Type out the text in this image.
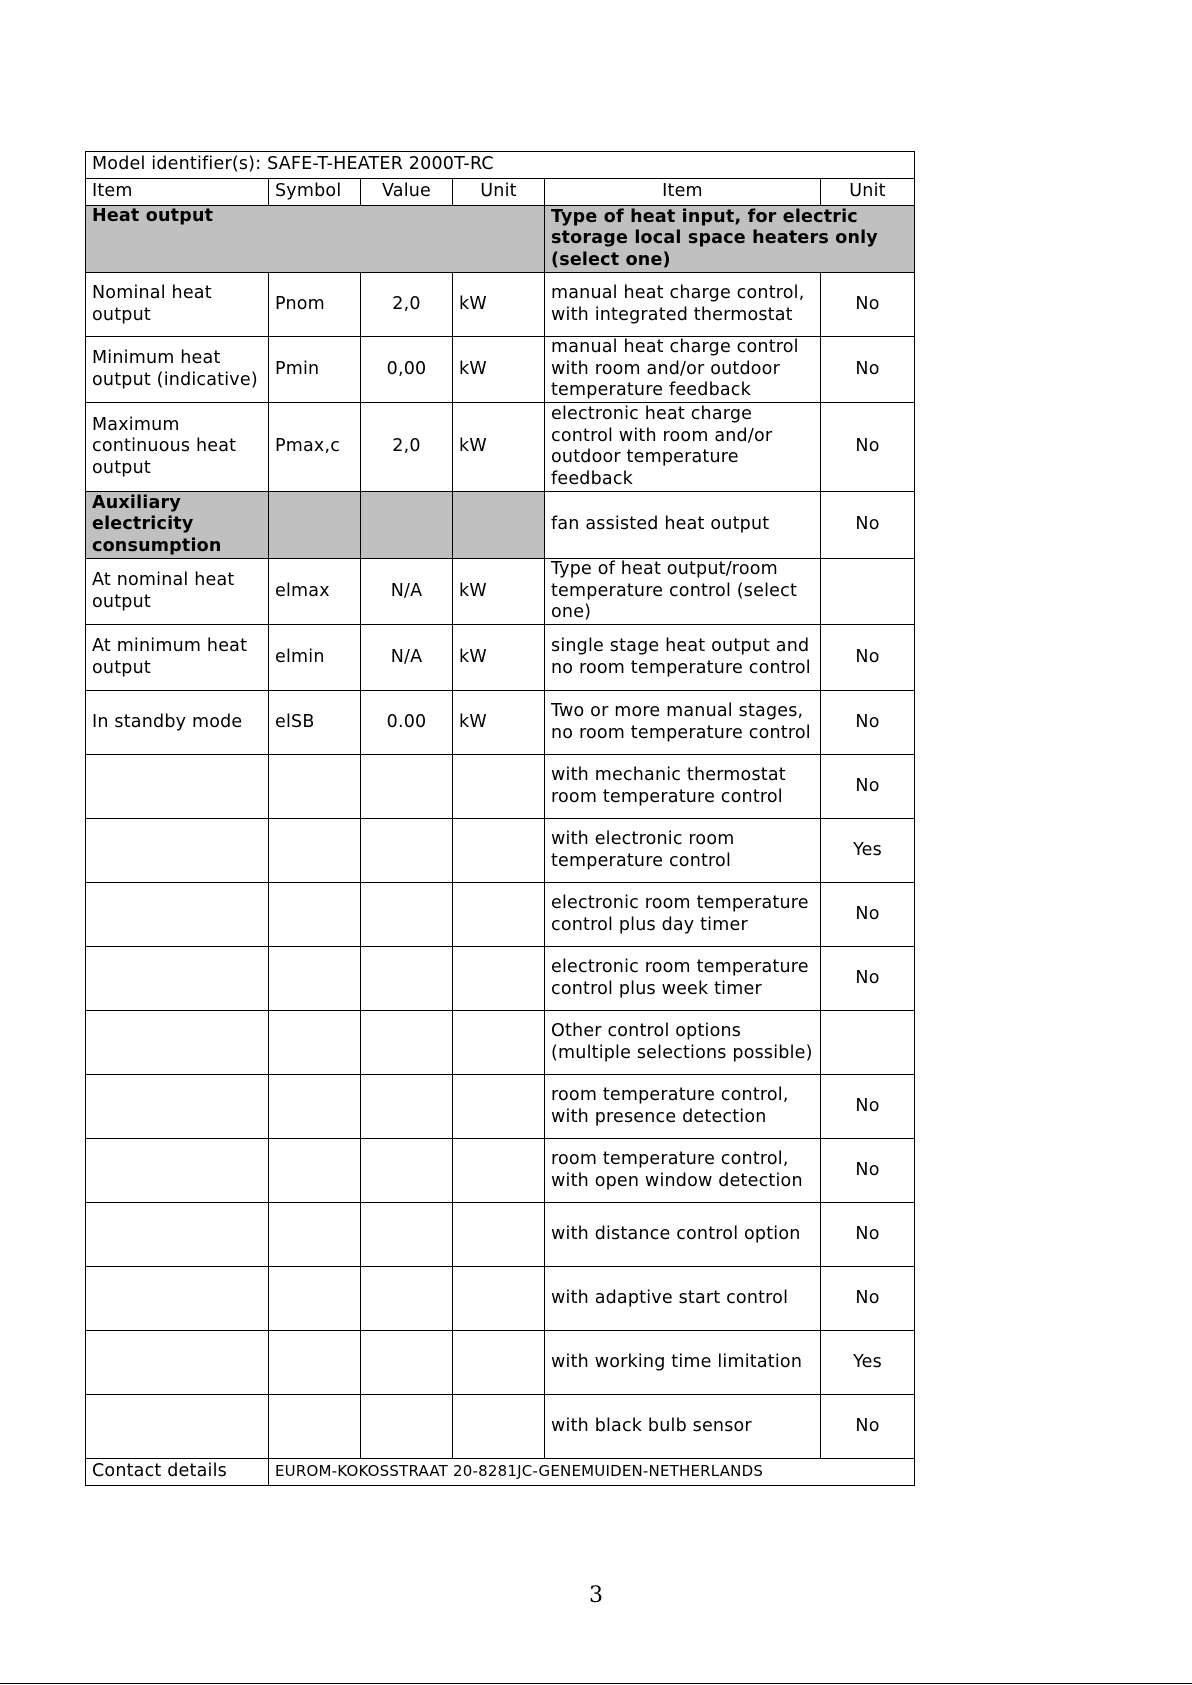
Model identifier(s): SAFE-T-HEATER 2000T-RC					
Item	Symbol	Value	Unit	Item	Unit
Heat output				Type of heat input, for electric storage local space heaters only (select one)	
Nominal heat output	Pnom	2,0	kW	manual heat charge control, with integrated thermostat	No
Minimum heat output (indicative)	Pmin	0,00	kW	manual heat charge control with room and/or outdoor temperature feedback	No
Maximum continuous heat output	Pmax,c	2,0	kW	electronic heat charge control with room and/or outdoor temperature feedback	No
Auxiliary electricity consumption				fan assisted heat output	No
At nominal heat output	elmax	N/A	kW	Type of heat output/room temperature control (select one)	
At minimum heat output	elmin	N/A	kW	single stage heat output and no room temperature control	No
In standby mode	elSB	0.00	kW	Two or more manual stages, no room temperature control	No
				with mechanic thermostat room temperature control	No
				with electronic room temperature control	Yes
				electronic room temperature control plus day timer	No
				electronic room temperature control plus week timer	No
				Other control options (multiple selections possible)	
				room temperature control, with presence detection	No
				room temperature control, with open window detection	No
				with distance control option	No
				with adaptive start control	No
				with working time limitation	Yes
				with black bulb sensor	No
Contact details	EUROM-KOKOSSTRAAT 20-8281JC-GENEMUIDEN-NETHERLANDS				
3
